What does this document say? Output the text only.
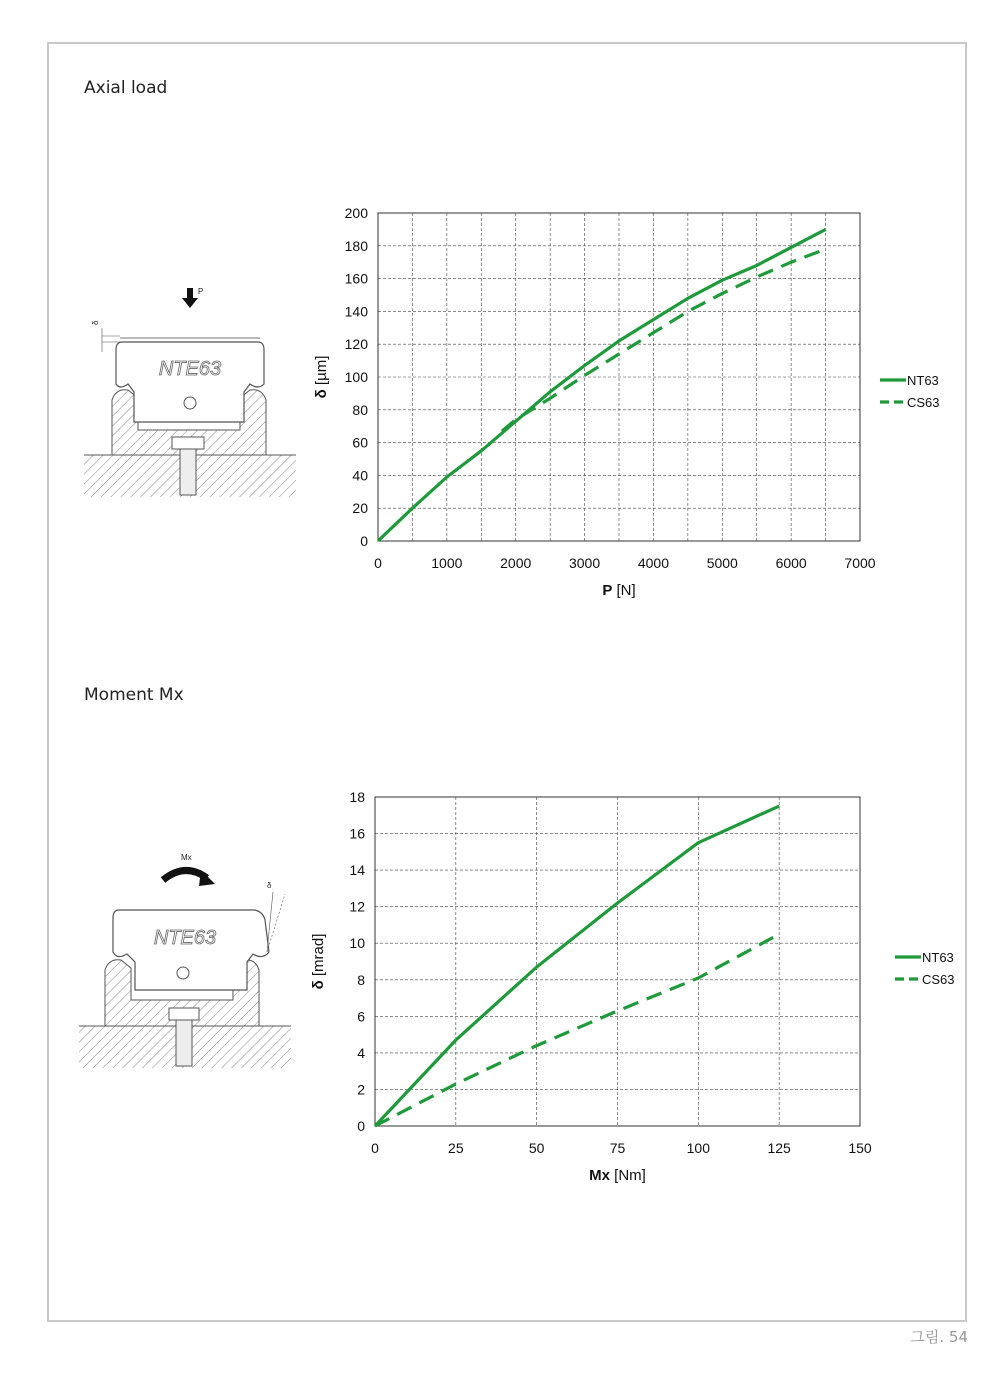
Axial load
Moment Mx
NTE63
P
δ
NTE63
Mx
δ
0	1000	2000	3000	4000	5000	6000	7000
0
20
40
60
80
100
120
140
160
180
200
P [N]
δ [µm]	NT63
CS63
0	25	50	75	100	125	150
0
2
4
6
8
10
12
14
16
18
Mx [Nm]
δ [mrad]	NT63
CS63
그림. 54
